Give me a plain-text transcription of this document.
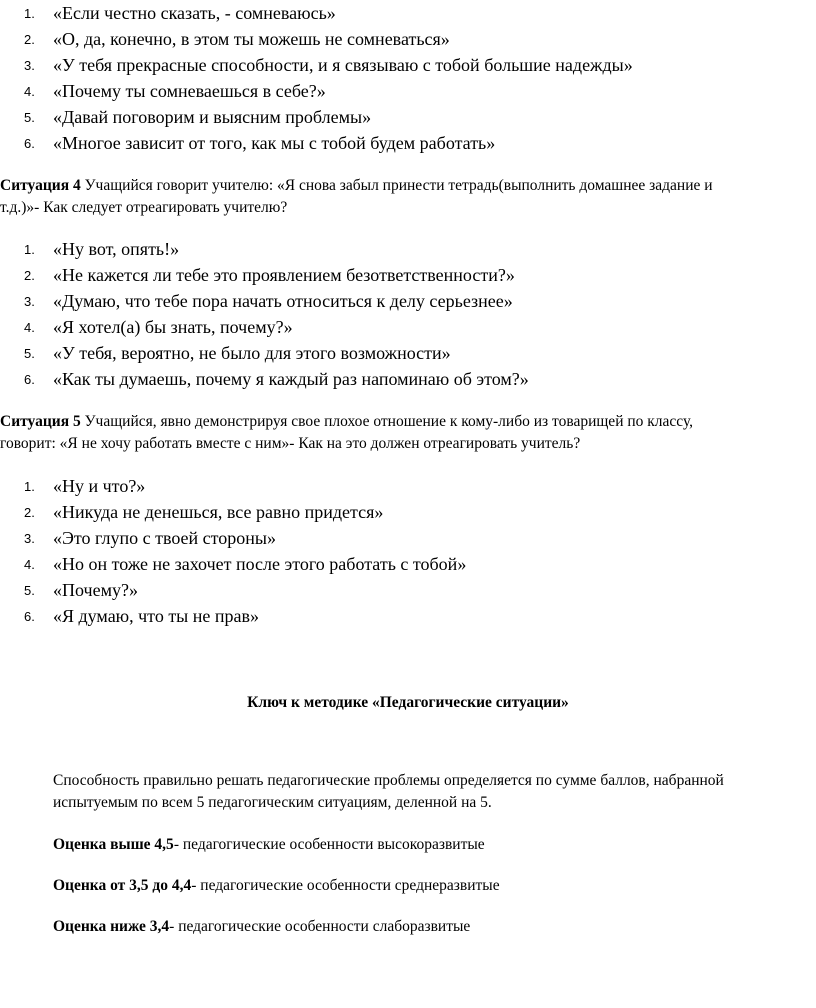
1. «Если честно сказать, - сомневаюсь»
2. «О, да, конечно, в этом ты можешь не сомневаться»
3. «У тебя прекрасные способности, и я связываю с тобой большие надежды»
4. «Почему ты сомневаешься в себе?»
5. «Давай поговорим и выясним проблемы»
6. «Многое зависит от того, как мы с тобой будем работать»

Ситуация 4 Учащийся говорит учителю: «Я снова забыл принести тетрадь(выполнить домашнее задание и
т.д.)»- Как следует отреагировать учителю?

1. «Ну вот, опять!»
2. «Не кажется ли тебе это проявлением безответственности?»
3. «Думаю, что тебе пора начать относиться к делу серьезнее»
4. «Я хотел(а) бы знать, почему?»
5. «У тебя, вероятно, не было для этого возможности»
6. «Как ты думаешь, почему я каждый раз напоминаю об этом?»

Ситуация 5 Учащийся, явно демонстрируя свое плохое отношение к кому-либо из товарищей по классу,
говорит: «Я не хочу работать вместе с ним»- Как на это должен отреагировать учитель?

1. «Ну и что?»
2. «Никуда не денешься, все равно придется»
3. «Это глупо с твоей стороны»
4. «Но он тоже не захочет после этого работать с тобой»
5. «Почему?»
6. «Я думаю, что ты не прав»
Ключ к методике «Педагогические ситуации»

Способность правильно решать педагогические проблемы определяется по сумме баллов, набранной
испытуемым по всем 5 педагогическим ситуациям, деленной на 5.

Оценка выше 4,5- педагогические особенности высокоразвитые

Оценка от 3,5 до 4,4- педагогические особенности среднеразвитые

Оценка ниже 3,4- педагогические особенности слаборазвитые
